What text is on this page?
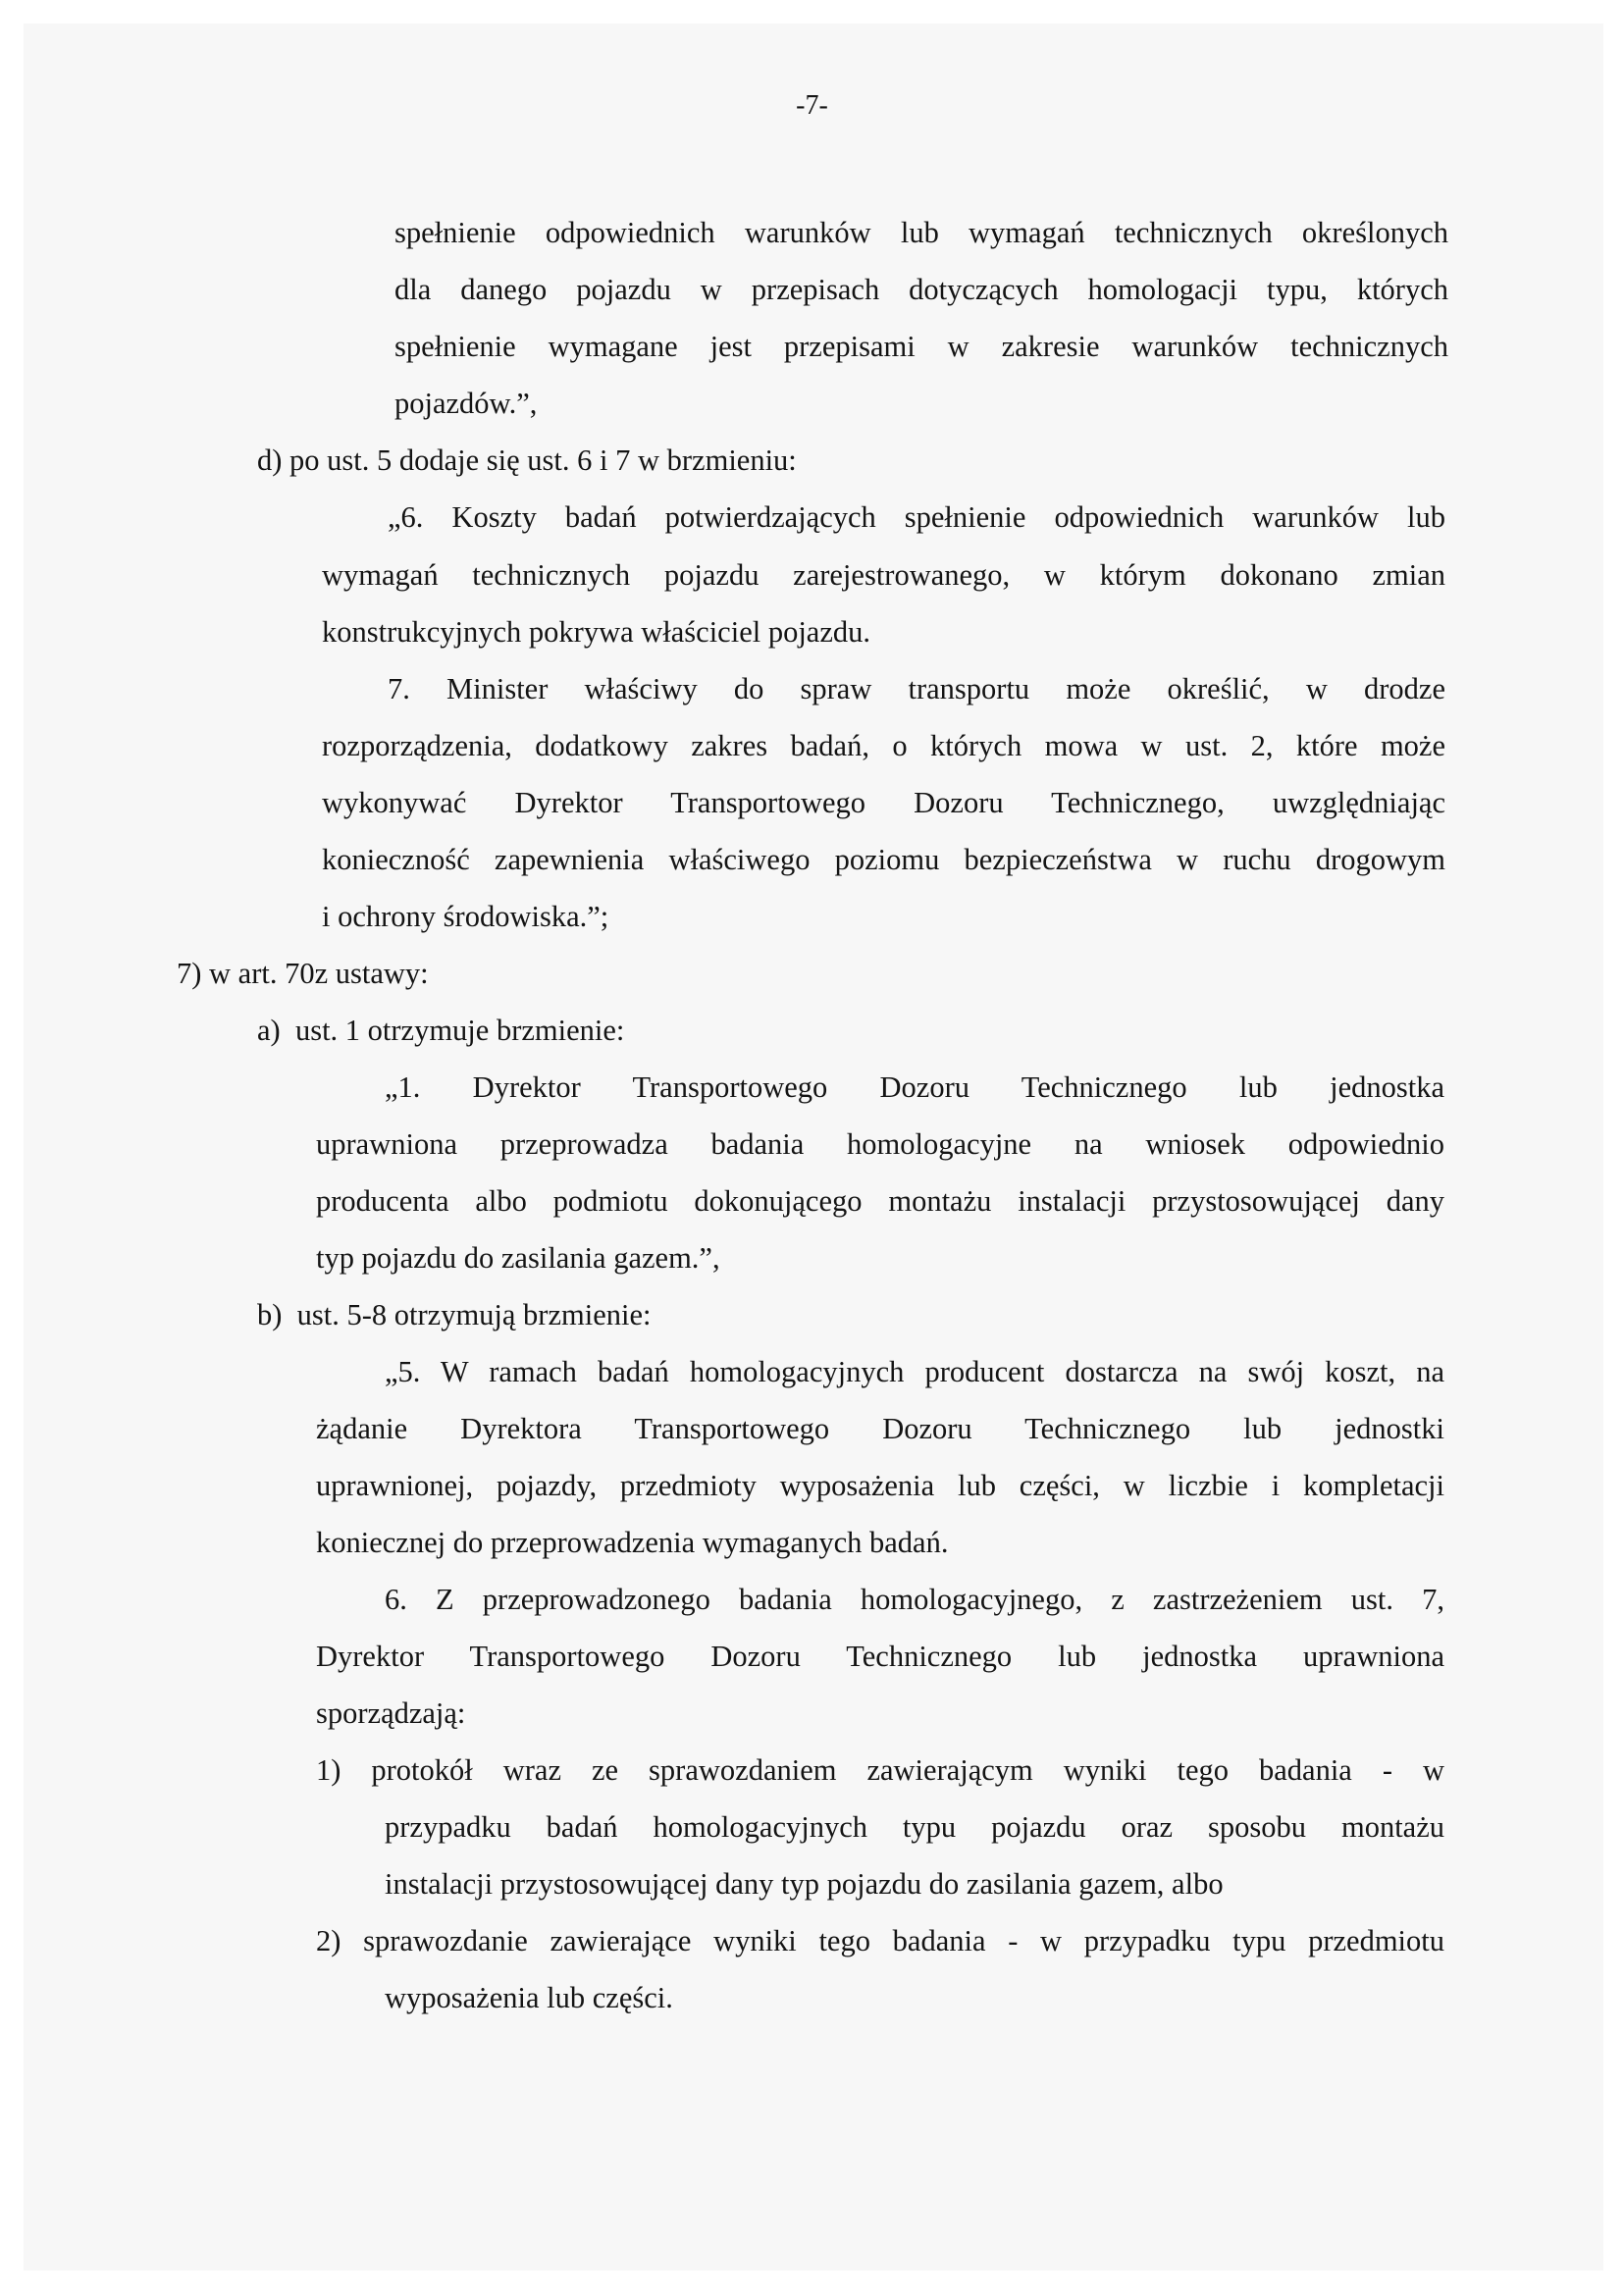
-7-
spełnienie odpowiednich warunków lub wymagań technicznych określonych
dla danego pojazdu w przepisach dotyczących homologacji typu, których
spełnienie wymagane jest przepisami w zakresie warunków technicznych
pojazdów.”,
d) po ust. 5 dodaje się ust. 6 i 7 w brzmieniu:
„6. Koszty badań potwierdzających spełnienie odpowiednich warunków lub
wymagań technicznych pojazdu zarejestrowanego, w którym dokonano zmian
konstrukcyjnych pokrywa właściciel pojazdu.
7. Minister właściwy do spraw transportu może określić, w drodze
rozporządzenia, dodatkowy zakres badań, o których mowa w ust. 2, które może
wykonywać Dyrektor Transportowego Dozoru Technicznego, uwzględniając
konieczność zapewnienia właściwego poziomu bezpieczeństwa w ruchu drogowym
i ochrony środowiska.”;
7) w art. 70z ustawy:
a)  ust. 1 otrzymuje brzmienie:
„1. Dyrektor Transportowego Dozoru Technicznego lub jednostka
uprawniona przeprowadza badania homologacyjne na wniosek odpowiednio
producenta albo podmiotu dokonującego montażu instalacji przystosowującej dany
typ pojazdu do zasilania gazem.”,
b)  ust. 5-8 otrzymują brzmienie:
„5. W ramach badań homologacyjnych producent dostarcza na swój koszt, na
żądanie Dyrektora Transportowego Dozoru Technicznego lub jednostki
uprawnionej, pojazdy, przedmioty wyposażenia lub części, w liczbie i kompletacji
koniecznej do przeprowadzenia wymaganych badań.
6. Z przeprowadzonego badania homologacyjnego, z zastrzeżeniem ust. 7,
Dyrektor Transportowego Dozoru Technicznego lub jednostka uprawniona
sporządzają:
1) protokół wraz ze sprawozdaniem zawierającym wyniki tego badania - w
przypadku badań homologacyjnych typu pojazdu oraz sposobu montażu
instalacji przystosowującej dany typ pojazdu do zasilania gazem, albo
2) sprawozdanie zawierające wyniki tego badania - w przypadku typu przedmiotu
wyposażenia lub części.
